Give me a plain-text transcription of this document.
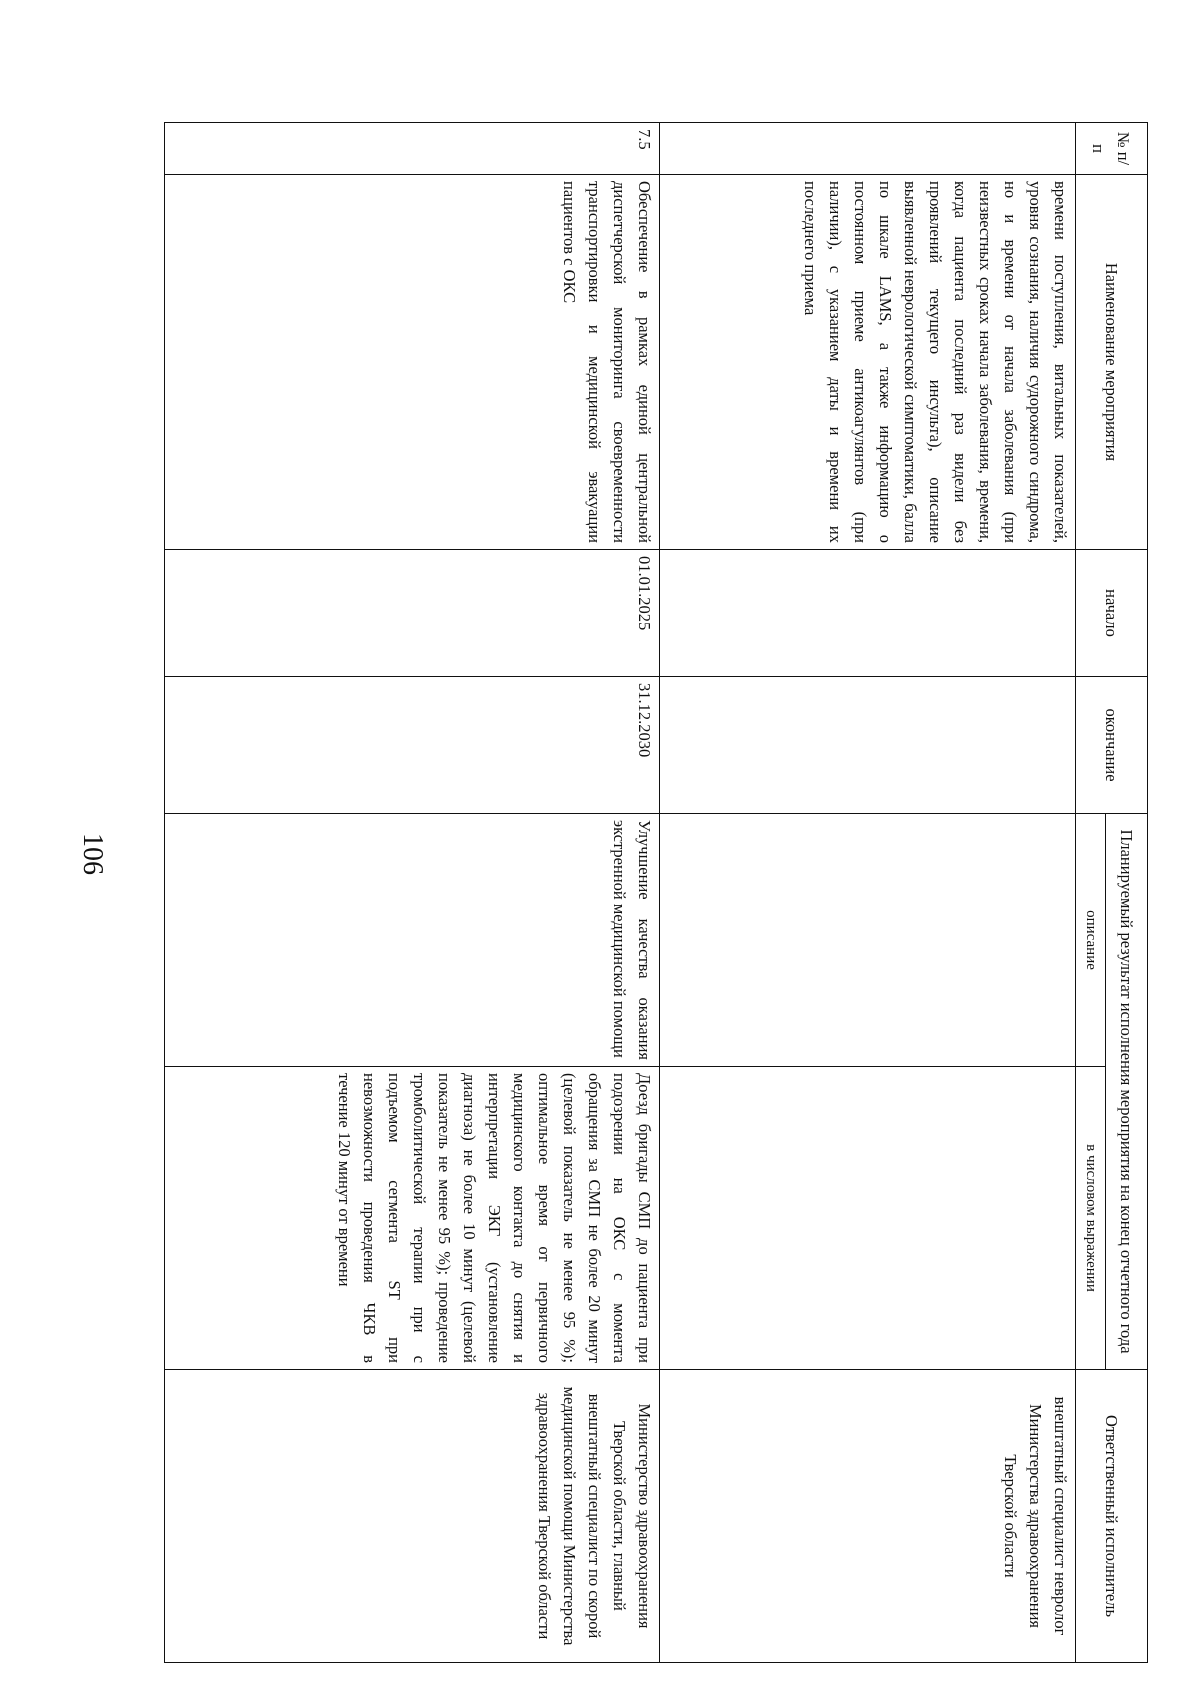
106
№ п/п	Наименование мероприятия	начало	окончание	Планируемый результат исполнения мероприятия на конец отчетного года		Ответственный исполнитель
				описание	в числовом выражении	
	времени поступления, витальных показателей, уровня сознания, наличия судорожного синдрома, но и времени от начала заболевания (при неизвестных сроках начала заболевания, времени, когда пациента последний раз видели без проявлений текущего инсульта), описание выявленной неврологической симптоматики, балла по шкале LAMS, а также информацию о постоянном приеме антикоагулянтов (при наличии), с указанием даты и времени их последнего приема					внештатный специалист невролог Министерства здравоохранения Тверской области
7.5	Обеспечение в рамках единой центральной диспетчерской мониторинга своевременности транспортировки и медицинской эвакуации пациентов с ОКС	01.01.2025	31.12.2030	Улучшение качества оказания экстренной медицинской помощи	Доезд бригады СМП до пациента при подозрении на ОКС с момента обращения за СМП не более 20 минут (целевой показатель не менее 95 %); оптимальное время от первичного медицинского контакта до снятия и интерпретации ЭКГ (установление диагноза) не более 10 минут (целевой показатель не менее 95 %); проведение тромболитической терапии при с подъемом сегмента ST при невозможности проведения ЧКВ в течение 120 минут от времени	Министерство здравоохранения Тверской области, главный внештатный специалист по скорой медицинской помощи Министерства здравоохранения Тверской области
